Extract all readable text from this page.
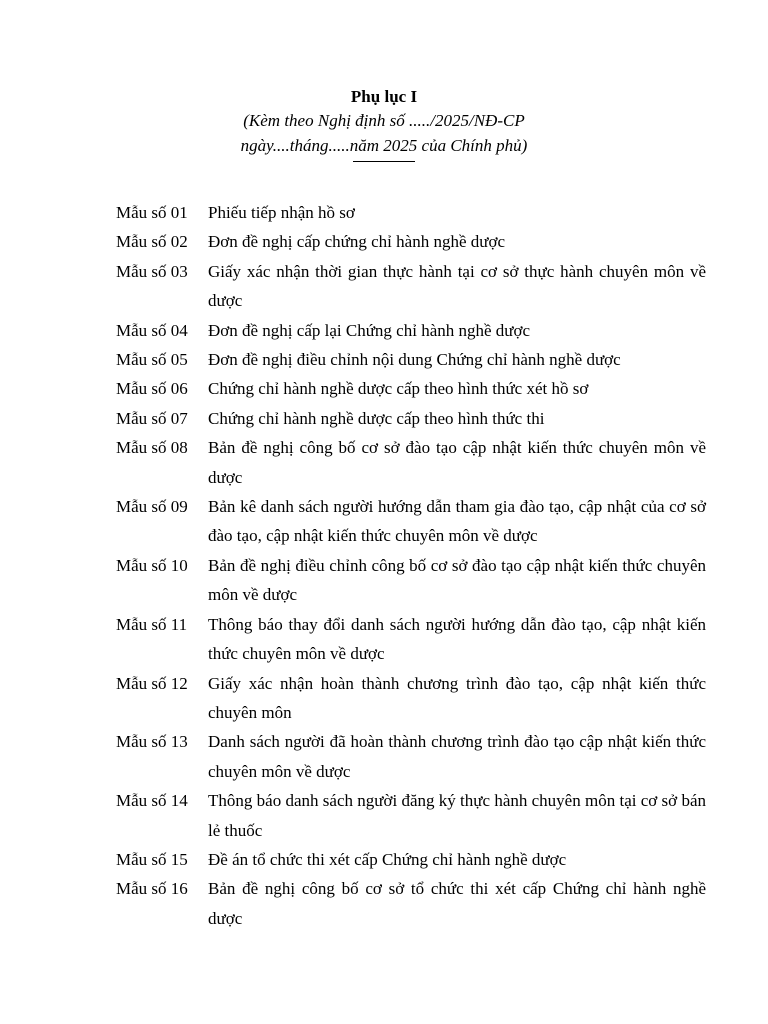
Phụ lục I
(Kèm theo Nghị định số ...../2025/NĐ-CP
ngày....tháng.....năm 2025 của Chính phủ)
Mẫu số 01	Phiếu tiếp nhận hồ sơ
Mẫu số 02	Đơn đề nghị cấp chứng chỉ hành nghề dược
Mẫu số 03	Giấy xác nhận thời gian thực hành tại cơ sở thực hành chuyên môn về dược
Mẫu số 04	Đơn đề nghị cấp lại Chứng chỉ hành nghề dược
Mẫu số 05	Đơn đề nghị điều chỉnh nội dung Chứng chỉ hành nghề dược
Mẫu số 06	Chứng chỉ hành nghề dược cấp theo hình thức xét hồ sơ
Mẫu số 07	Chứng chỉ hành nghề dược cấp theo hình thức thi
Mẫu số 08	Bản đề nghị công bố cơ sở đào tạo cập nhật kiến thức chuyên môn về dược
Mẫu số 09	Bản kê danh sách người hướng dẫn tham gia đào tạo, cập nhật của cơ sở đào tạo, cập nhật kiến thức chuyên môn về dược
Mẫu số 10	Bản đề nghị điều chỉnh công bố cơ sở đào tạo cập nhật kiến thức chuyên môn về dược
Mẫu số 11	Thông báo thay đổi danh sách người hướng dẫn đào tạo, cập nhật kiến thức chuyên môn về dược
Mẫu số 12	Giấy xác nhận hoàn thành chương trình đào tạo, cập nhật kiến thức chuyên môn
Mẫu số 13	Danh sách người đã hoàn thành chương trình đào tạo cập nhật kiến thức chuyên môn về dược
Mẫu số 14	Thông báo danh sách người đăng ký thực hành chuyên môn tại cơ sở bán lẻ thuốc
Mẫu số 15	Đề án tổ chức thi xét cấp Chứng chỉ hành nghề dược
Mẫu số 16	Bản đề nghị công bố cơ sở tổ chức thi xét cấp Chứng chỉ hành nghề dược
